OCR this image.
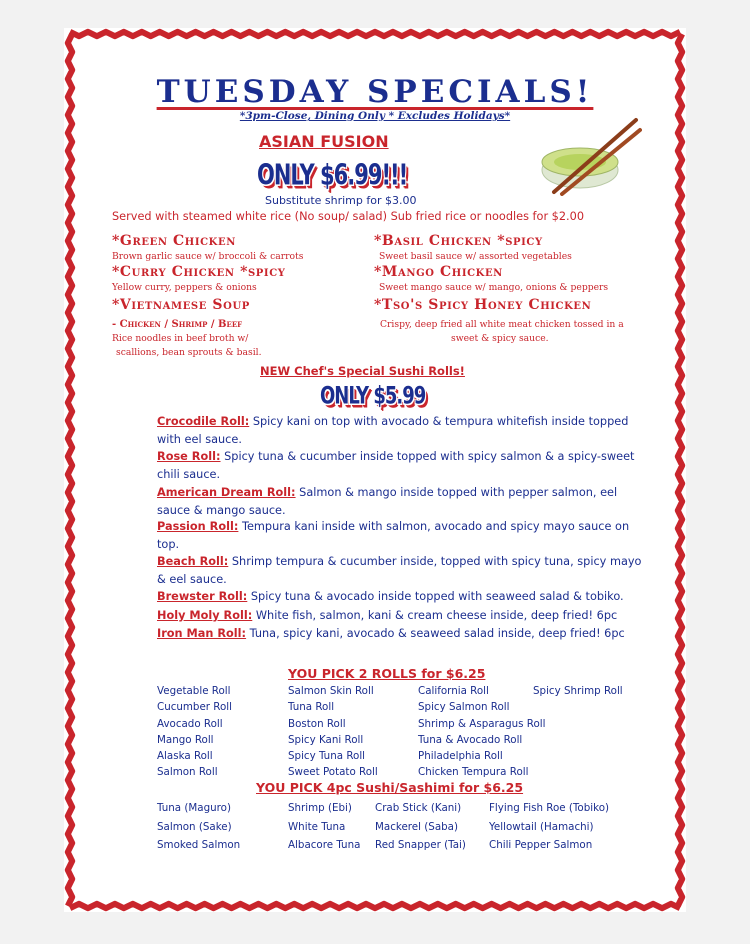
TUESDAY SPECIALS!
*3pm-Close, Dining Only * Excludes Holidays*
ASIAN FUSION
ONLY $6.99!!!
Substitute shrimp for $3.00
Served with steamed white rice (No soup/ salad) Sub fried rice or noodles for $2.00
*Green Chicken
Brown garlic sauce w/ broccoli & carrots
*Basil Chicken *spicy
Sweet basil sauce w/ assorted vegetables
*Curry Chicken *spicy
Yellow curry, peppers & onions
*Mango Chicken
Sweet mango sauce w/ mango, onions & peppers
*Vietnamese Soup
- Chicken / Shrimp / Beef
Rice noodles in beef broth w/
scallions, bean sprouts & basil.
*Tso's Spicy Honey Chicken
Crispy, deep fried all white meat chicken tossed in a
sweet & spicy sauce.
NEW Chef's Special Sushi Rolls!
ONLY $5.99
Crocodile Roll: Spicy kani on top with avocado & tempura whitefish inside topped with eel sauce.
Rose Roll: Spicy tuna & cucumber inside topped with spicy salmon & a spicy-sweet chili sauce.
American Dream Roll: Salmon & mango inside topped with pepper salmon, eel sauce & mango sauce.
Passion Roll: Tempura kani inside with salmon, avocado and spicy mayo sauce on top.
Beach Roll: Shrimp tempura & cucumber inside, topped with spicy tuna, spicy mayo & eel sauce.
Brewster Roll: Spicy tuna & avocado inside topped with seaweed salad & tobiko.
Holy Moly Roll: White fish, salmon, kani & cream cheese inside, deep fried! 6pc
Iron Man Roll: Tuna, spicy kani, avocado & seaweed salad inside, deep fried! 6pc
YOU PICK 2 ROLLS for $6.25
Vegetable Roll
Cucumber Roll
Avocado Roll
Mango Roll
Alaska Roll
Salmon Roll
Salmon Skin Roll
Tuna Roll
Boston Roll
Spicy Kani Roll
Spicy Tuna Roll
Sweet Potato Roll
California Roll
Spicy Salmon Roll
Shrimp & Asparagus Roll
Tuna & Avocado Roll
Philadelphia Roll
Chicken Tempura Roll
Spicy Shrimp Roll
YOU PICK 4pc Sushi/Sashimi for $6.25
Tuna (Maguro)
Salmon (Sake)
Smoked Salmon
Shrimp (Ebi)
White Tuna
Albacore Tuna
Crab Stick (Kani)
Mackerel (Saba)
Red Snapper (Tai)
Flying Fish Roe (Tobiko)
Yellowtail (Hamachi)
Chili Pepper Salmon
